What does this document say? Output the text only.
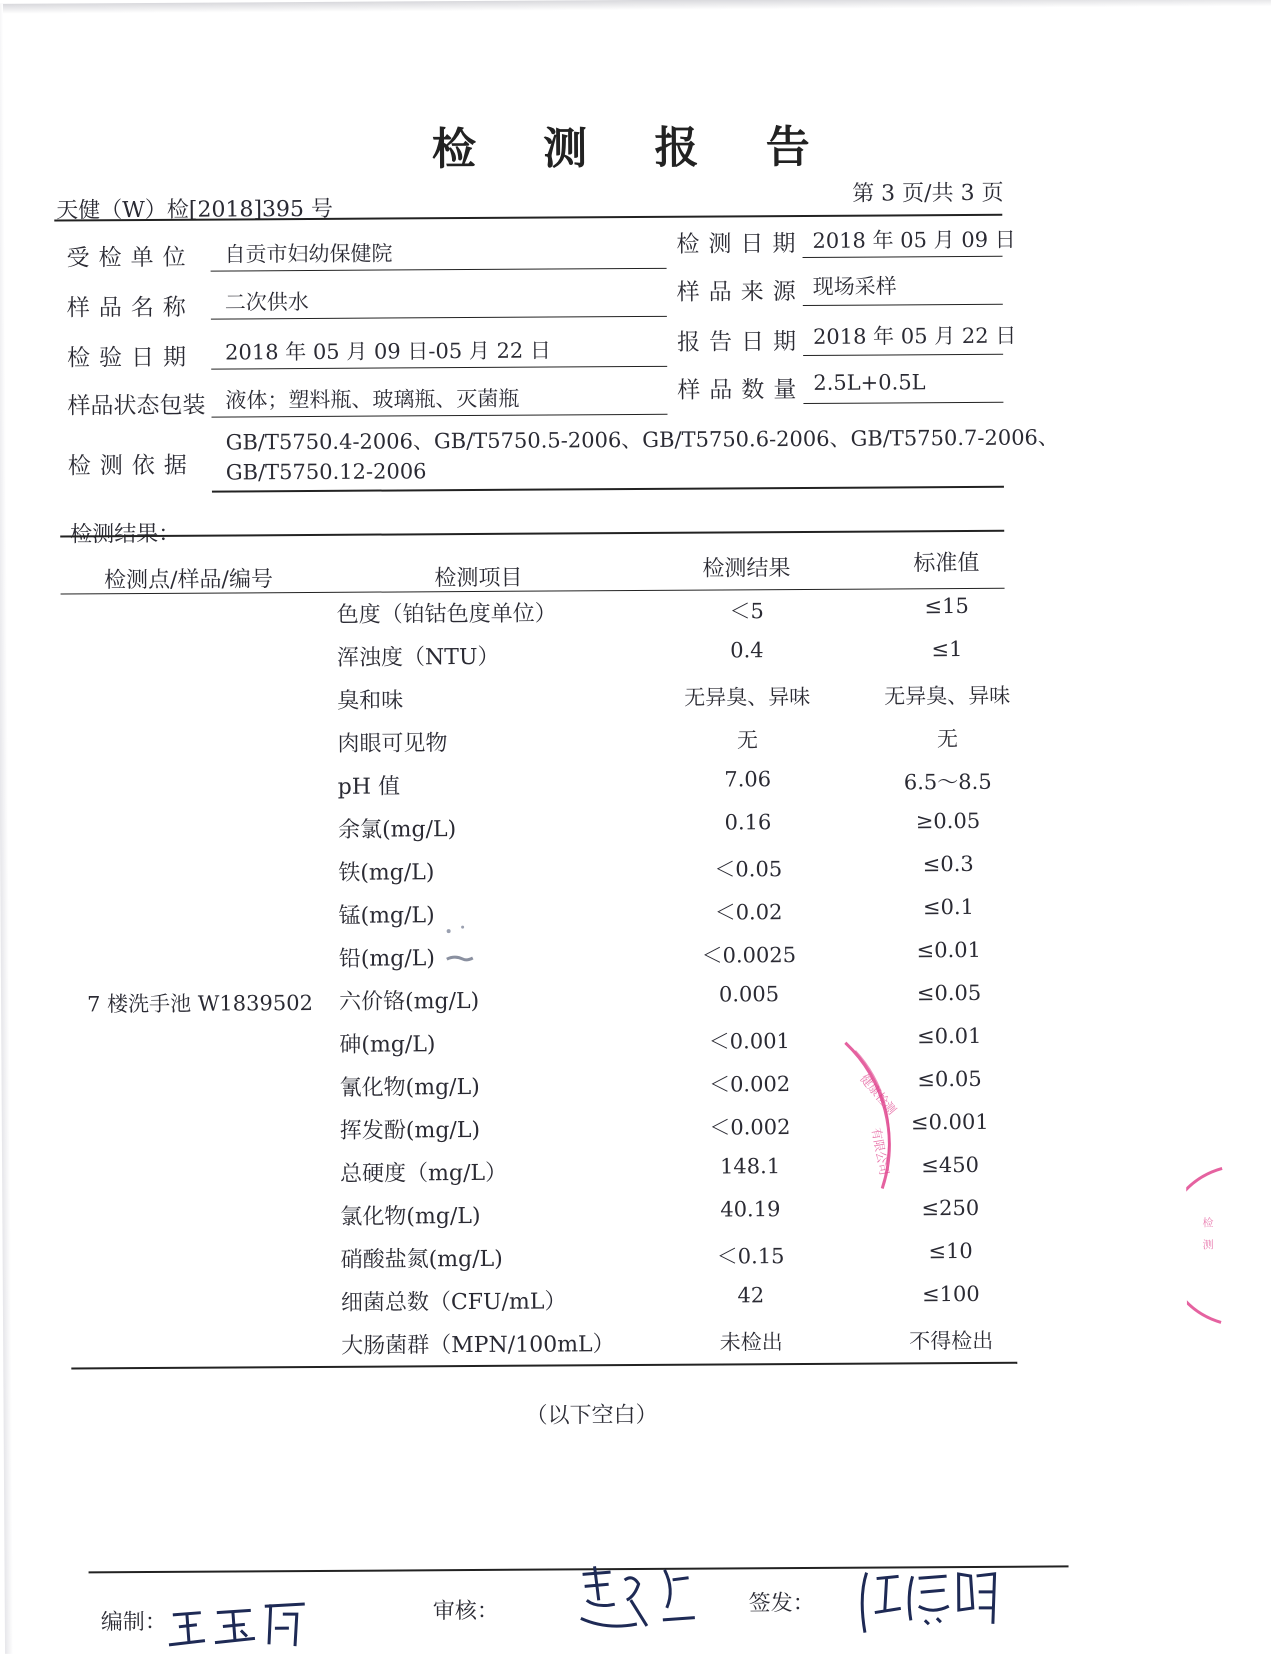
检 测 报 告
天健（W）检[2018]395 号
第 3 页/共 3 页
受检单位 自贡市妇幼保健院	检测日期 2018 年 05 月 09 日
样品名称 二次供水	样品来源 现场采样
检验日期 2018 年 05 月 09 日-05 月 22 日	报告日期 2018 年 05 月 22 日
样品状态包装 液体；塑料瓶、玻璃瓶、灭菌瓶	样品数量 2.5L+0.5L
检测依据
GB/T5750.4-2006、GB/T5750.5-2006、GB/T5750.6-2006、GB/T5750.7-2006、
GB/T5750.12-2006
检测结果：
检测点/样品/编号	检测项目	检测结果	标准值
7 楼洗手池 W1839502
色度（铂钴色度单位）	＜5	≤15
浑浊度（NTU）	0.4	≤1
臭和味	无异臭、异味	无异臭、异味
肉眼可见物	无	无
pH 值	7.06	6.5～8.5
余氯(mg/L)	0.16	≥0.05
铁(mg/L)	＜0.05	≤0.3
锰(mg/L)	＜0.02	≤0.1
铅(mg/L)	＜0.0025	≤0.01
六价铬(mg/L)	0.005	≤0.05
砷(mg/L)	＜0.001	≤0.01
氰化物(mg/L)	＜0.002	≤0.05
挥发酚(mg/L)	＜0.002	≤0.001
总硬度（mg/L）	148.1	≤450
氯化物(mg/L)	40.19	≤250
硝酸盐氮(mg/L)	＜0.15	≤10
细菌总数（CFU/mL）	42	≤100
大肠菌群（MPN/100mL）	未检出	不得检出
（以下空白）
健康检测
有限公司
检
测
编制：	审核：	签发：
